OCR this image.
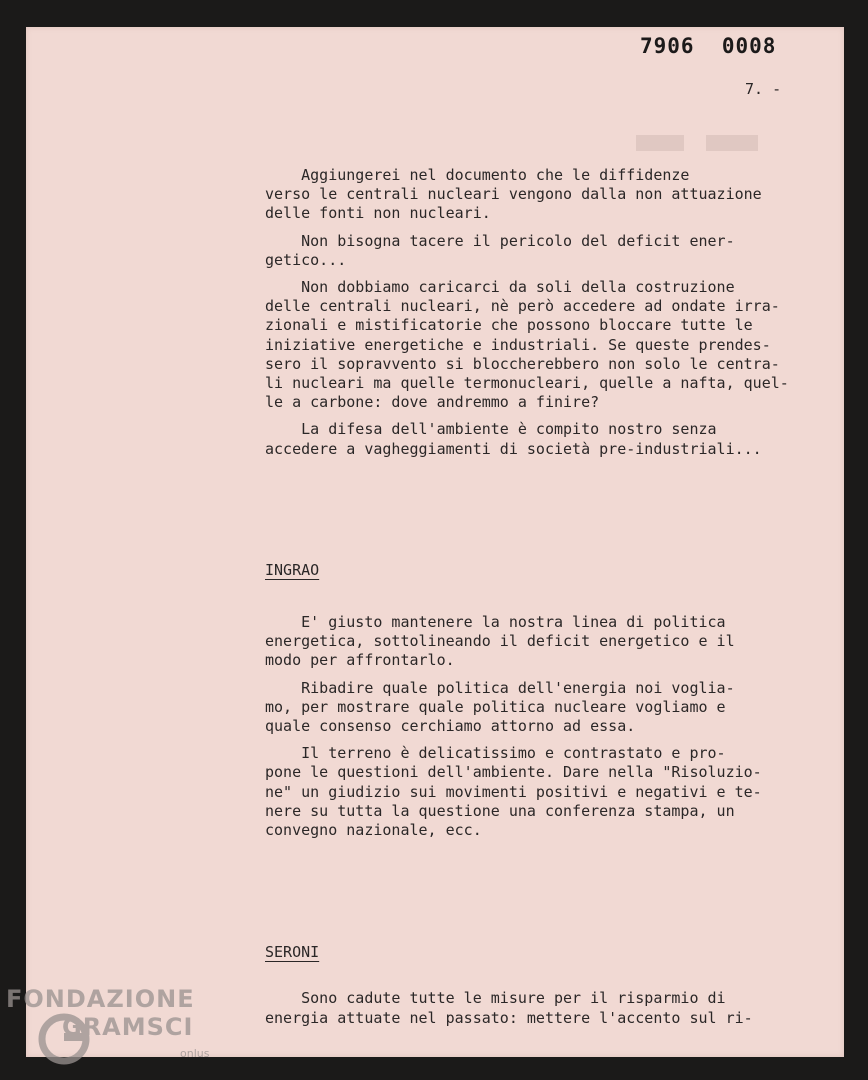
7906  0008
7. -

Aggiungerei nel documento che le diffidenze
verso le centrali nucleari vengono dalla non attuazione
delle fonti non nucleari.

Non bisogna tacere il pericolo del deficit ener-
getico...

Non dobbiamo caricarci da soli della costruzione
delle centrali nucleari, nè però accedere ad ondate irra-
zionali e mistificatorie che possono bloccare tutte le
iniziative energetiche e industriali. Se queste prendes-
sero il sopravvento si bloccherebbero non solo le centra-
li nucleari ma quelle termonucleari, quelle a nafta, quel-
le a carbone: dove andremmo a finire?

La difesa dell'ambiente è compito nostro senza
accedere a vagheggiamenti di società pre-industriali...

INGRAO

E' giusto mantenere la nostra linea di politica
energetica, sottolineando il deficit energetico e il
modo per affrontarlo.

Ribadire quale politica dell'energia noi voglia-
mo, per mostrare quale politica nucleare vogliamo e
quale consenso cerchiamo attorno ad essa.

Il terreno è delicatissimo e contrastato e pro-
pone le questioni dell'ambiente. Dare nella "Risoluzio-
ne" un giudizio sui movimenti positivi e negativi e te-
nere su tutta la questione una conferenza stampa, un
convegno nazionale, ecc.

SERONI

Sono cadute tutte le misure per il risparmio di
energia attuate nel passato: mettere l'accento sul ri-

FONDAZIONE
GRAMSCI
onlus
